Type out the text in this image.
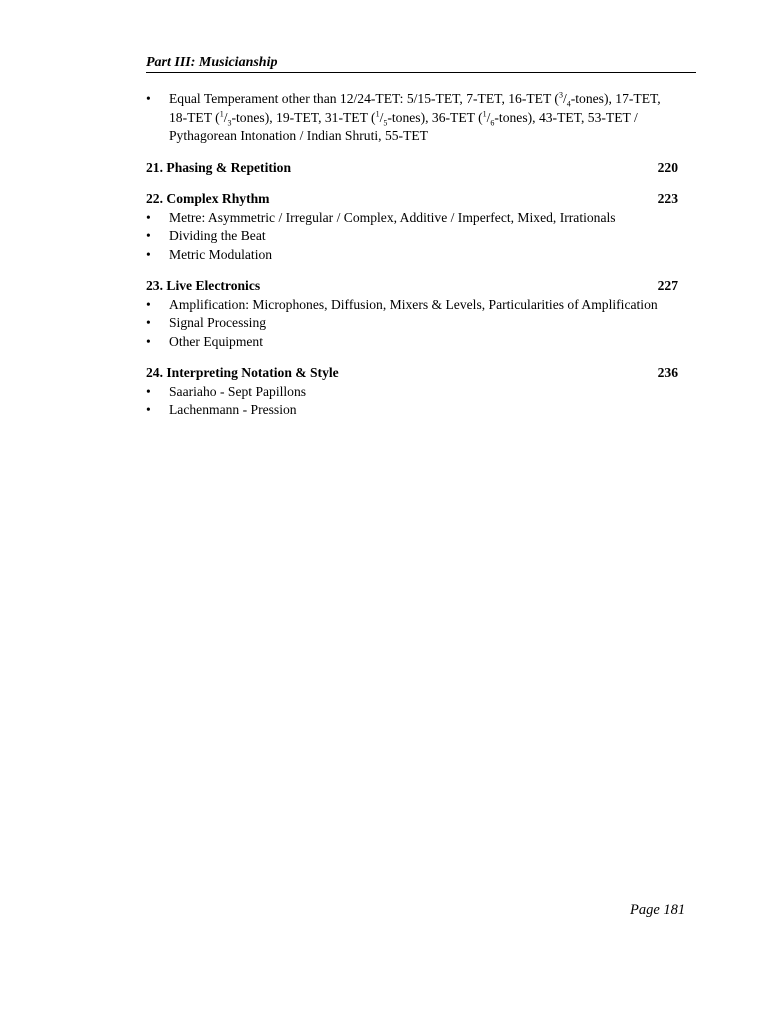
Part III: Musicianship
• Equal Temperament other than 12/24-TET: 5/15-TET, 7-TET, 16-TET $(^3/_4-tones)$, 17-TET,
18-TET $(^1/_3-tones)$, 19-TET, 31-TET $(^1/_5-tones)$, 36-TET $(^1/_6-tones)$, 43-TET, 53-TET /
Pythagorean Intonation / Indian Shruti, 55-TET
21. Phasing & Repetition	220
22. Complex Rhythm	223
• Metre: Asymmetric / Irregular / Complex, Additive / Imperfect, Mixed, Irrationals
• Dividing the Beat
• Metric Modulation
23. Live Electronics	227
• Amplification: Microphones, Diffusion, Mixers & Levels, Particularities of Amplification
• Signal Processing
• Other Equipment
24. Interpreting Notation & Style	236
• Saariaho - Sept Papillons
• Lachenmann - Pression
Page 181
